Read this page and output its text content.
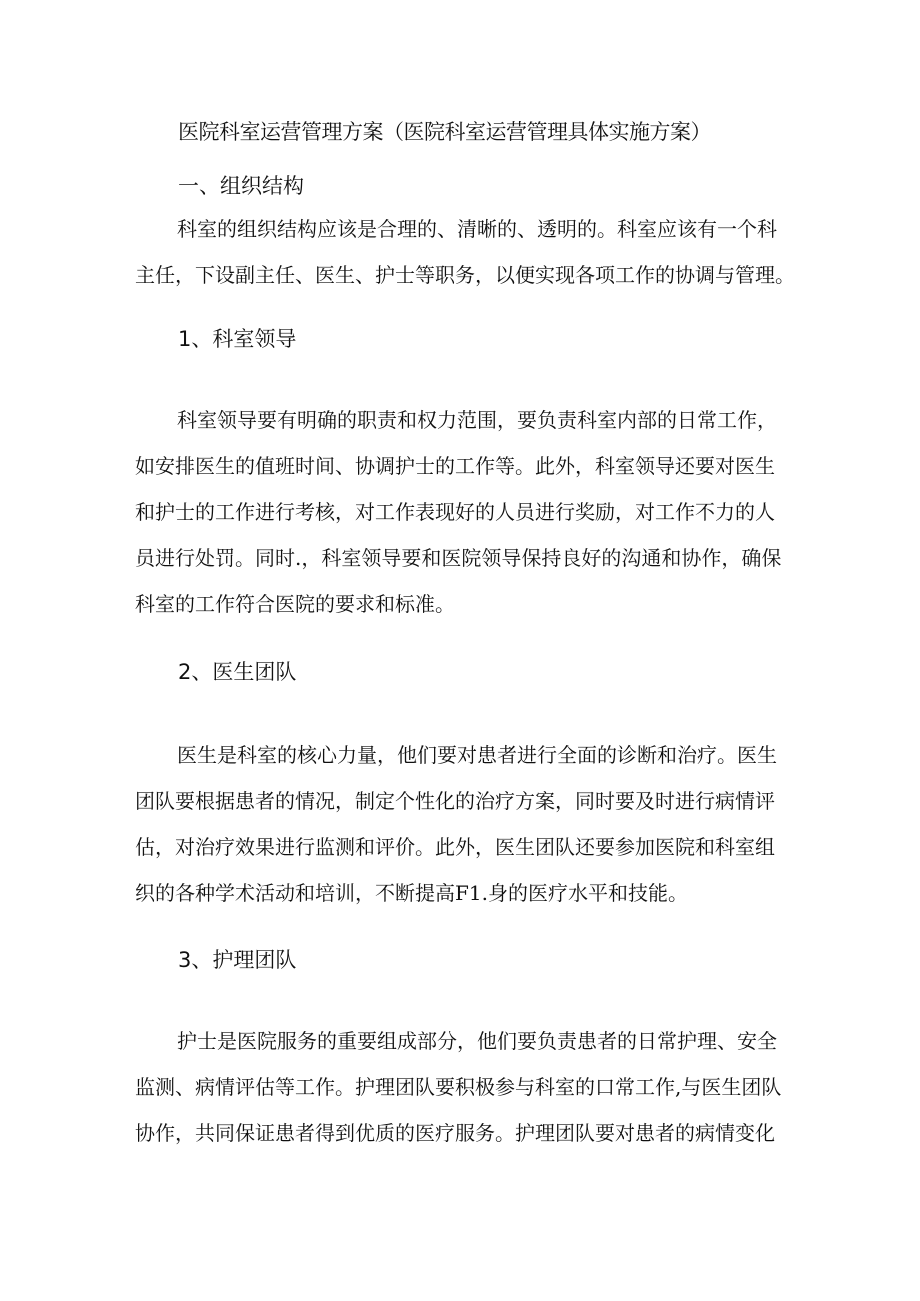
医院科室运营管理方案（医院科室运营管理具体实施方案）
一、组织结构
科室的组织结构应该是合理的、清晰的、透明的。科室应该有一个科
主任，下设副主任、医生、护士等职务，以便实现各项工作的协调与管理。
1、科室领导
科室领导要有明确的职责和权力范围，要负责科室内部的日常工作，
如安排医生的值班时间、协调护士的工作等。此外，科室领导还要对医生
和护士的工作进行考核，对工作表现好的人员进行奖励，对工作不力的人
员进行处罚。同时.，科室领导要和医院领导保持良好的沟通和协作，确保
科室的工作符合医院的要求和标准。
2、医生团队
医生是科室的核心力量，他们要对患者进行全面的诊断和治疗。医生
团队要根据患者的情况，制定个性化的治疗方案，同时要及时进行病情评
估，对治疗效果进行监测和评价。此外，医生团队还要参加医院和科室组
织的各种学术活动和培训，不断提高F1.身的医疗水平和技能。
3、护理团队
护士是医院服务的重要组成部分，他们要负责患者的日常护理、安全
监测、病情评估等工作。护理团队要积极参与科室的口常工作,与医生团队
协作，共同保证患者得到优质的医疗服务。护理团队要对患者的病情变化
